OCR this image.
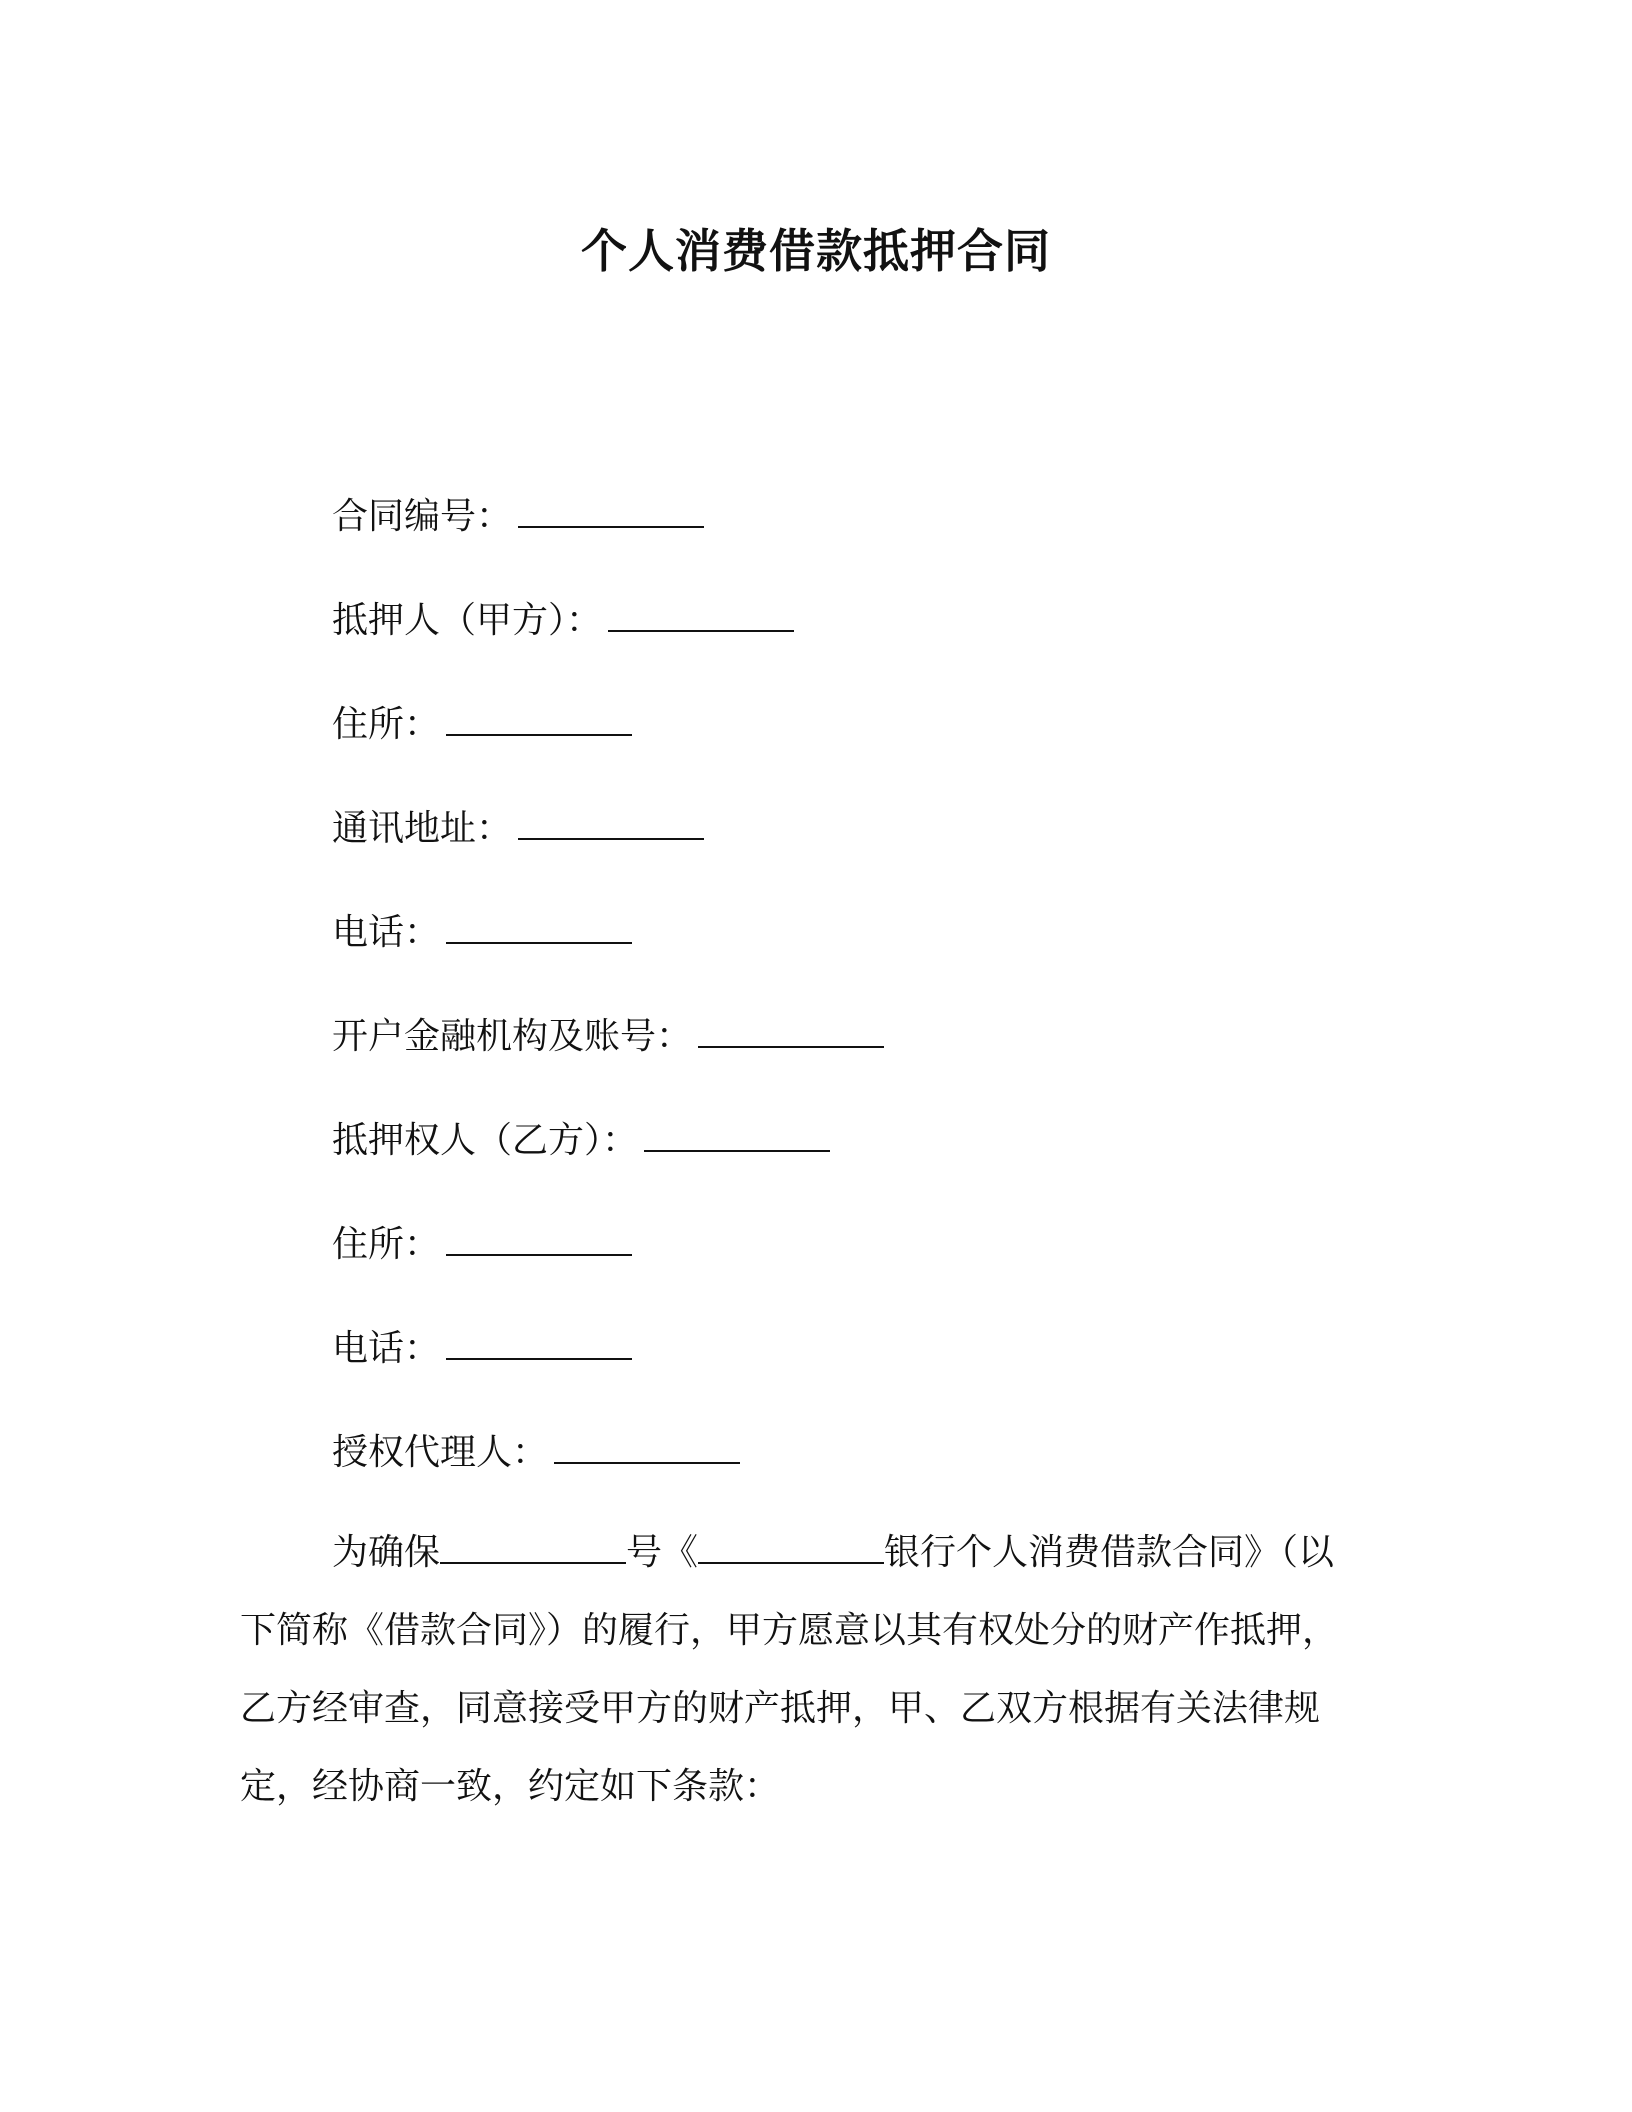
个人消费借款抵押合同
合同编号：
抵押人（甲方）：
住所：
通讯地址：
电话：
开户金融机构及账号：
抵押权人（乙方）：
住所：
电话：
授权代理人：
为确保	号《	银行个人消费借款合同》（以
下简称《借款合同》）的履行，甲方愿意以其有权处分的财产作抵押，
乙方经审查，同意接受甲方的财产抵押，甲、乙双方根据有关法律规
定，经协商一致，约定如下条款：
